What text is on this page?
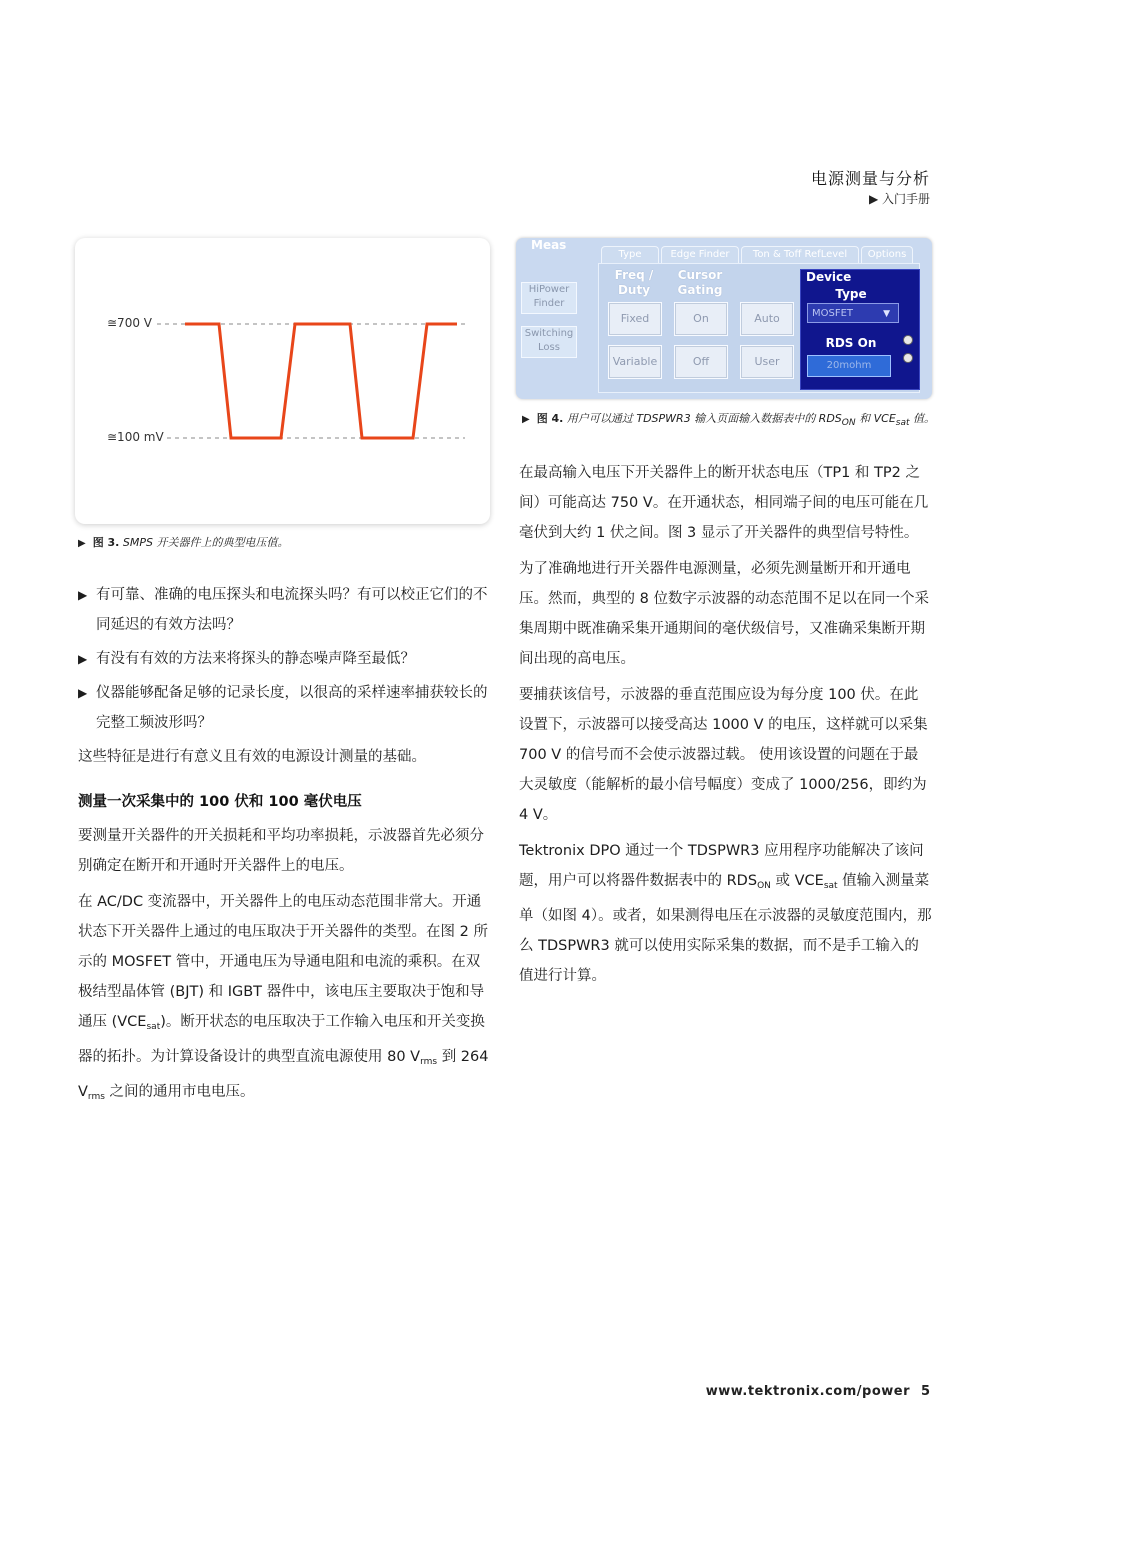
电源测量与分析
▶ 入门手册
≅700 V
≅100 mV
▶ 图 3. SMPS 开关器件上的典型电压值。
Meas
HiPower
Finder
Switching
Loss
Type	Edge Finder	Ton & Toff RefLevel	Options
Freq /
Duty
Cursor
Gating
Fixed
Variable
On
Off
Auto
User
Device
Type
MOSFET	▼
RDS On
20mohm
▶ 图 4. 用户可以通过 TDSPWR3 输入页面输入数据表中的 $RDS_{ON}$ 和 $VCE_{sat}$ 值。
▶ 有可靠、准确的电压探头和电流探头吗？有可以校正它们的不同延迟的有效方法吗？
▶ 有没有有效的方法来将探头的静态噪声降至最低？
▶ 仪器能够配备足够的记录长度，以很高的采样速率捕获较长的完整工频波形吗？
这些特征是进行有意义且有效的电源设计测量的基础。
测量一次采集中的 100 伏和 100 毫伏电压
要测量开关器件的开关损耗和平均功率损耗，示波器首先必须分别确定在断开和开通时开关器件上的电压。
在 AC/DC 变流器中，开关器件上的电压动态范围非常大。开通状态下开关器件上通过的电压取决于开关器件的类型。在图 2 所示的 MOSFET 管中，开通电压为导通电阻和电流的乘积。在双极结型晶体管 (BJT) 和 IGBT 器件中，该电压主要取决于饱和导通压 $(VCE_{sat})$。断开状态的电压取决于工作输入电压和开关变换器的拓扑。为计算设备设计的典型直流电源使用 80 $V_{rms}$ 到 264 $V_{rms}$ 之间的通用市电电压。
在最高输入电压下开关器件上的断开状态电压（TP1 和 TP2 之间）可能高达 750 V。在开通状态，相同端子间的电压可能在几毫伏到大约 1 伏之间。图 3 显示了开关器件的典型信号特性。
为了准确地进行开关器件电源测量，必须先测量断开和开通电压。然而，典型的 8 位数字示波器的动态范围不足以在同一个采集周期中既准确采集开通期间的毫伏级信号，又准确采集断开期间出现的高电压。
要捕获该信号，示波器的垂直范围应设为每分度 100 伏。在此设置下，示波器可以接受高达 1000 V 的电压，这样就可以采集 700 V 的信号而不会使示波器过载。 使用该设置的问题在于最大灵敏度（能解析的最小信号幅度）变成了 1000/256，即约为 4 V。
Tektronix DPO 通过一个 TDSPWR3 应用程序功能解决了该问题，用户可以将器件数据表中的 $RDS_{ON}$ 或 $VCE_{sat}$ 值输入测量菜单（如图 4）。或者，如果测得电压在示波器的灵敏度范围内，那么 TDSPWR3 就可以使用实际采集的数据，而不是手工输入的值进行计算。
www.tektronix.com/power 5
